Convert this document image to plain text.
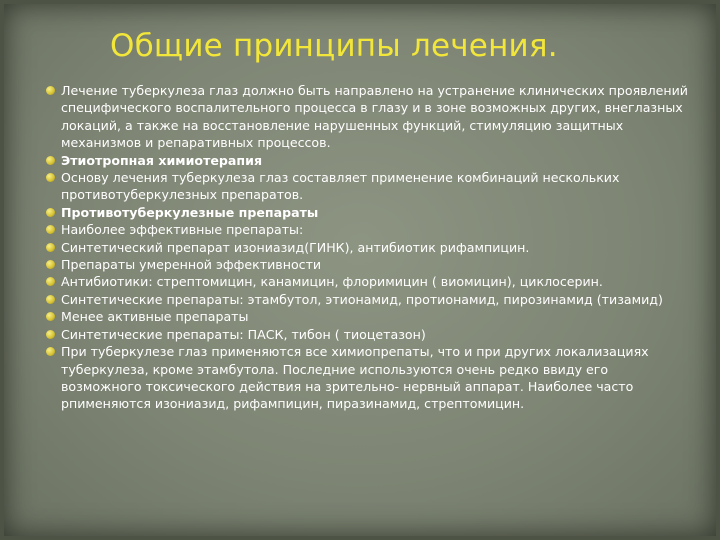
Общие принципы лечения.
Лечение туберкулеза глаз должно быть направлено на устранение клинических проявлений специфического воспалительного процесса в глазу и в зоне возможных других, внеглазных локаций, а также на восстановление нарушенных функций, стимуляцию защитных механизмов и репаративных процессов.
Этиотропная химиотерапия
Основу лечения туберкулеза глаз составляет применение комбинаций нескольких противотуберкулезных препаратов.
Противотуберкулезные препараты
Наиболее эффективные препараты:
Синтетический препарат изониазид(ГИНК), антибиотик рифампицин.
Препараты умеренной эффективности
Антибиотики: стрептомицин, канамицин, флоримицин ( виомицин), циклосерин.
Синтетические препараты: этамбутол, этионамид, протионамид, пирозинамид (тизамид)
Менее активные препараты
Синтетические препараты: ПАСК, тибон ( тиоцетазон)
При туберкулезе глаз применяются все химиопрепаты, что и при других локализациях туберкулеза, кроме этамбутола. Последние используются очень редко ввиду его возможного токсического действия на зрительно- нервный аппарат. Наиболее часто рпименяются изониазид, рифампицин, пиразинамид, стрептомицин.
